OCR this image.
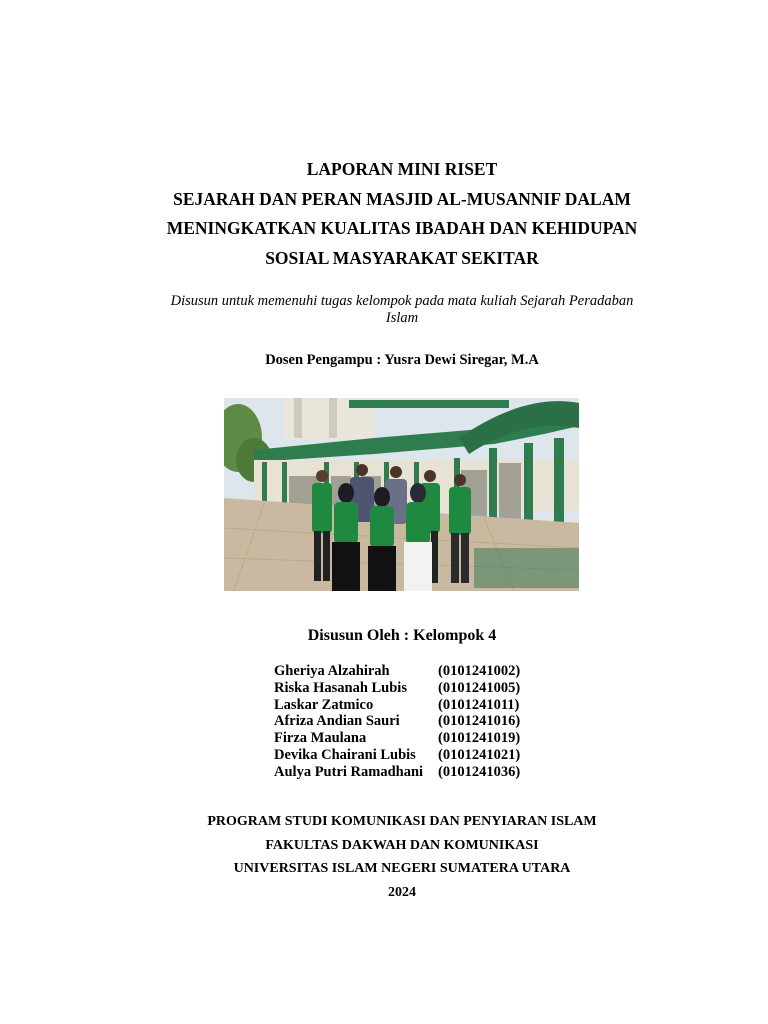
LAPORAN MINI RISET
SEJARAH DAN PERAN MASJID AL-MUSANNIF DALAM
MENINGKATKAN KUALITAS IBADAH DAN KEHIDUPAN
SOSIAL MASYARAKAT SEKITAR
Disusun untuk memenuhi tugas kelompok pada mata kuliah Sejarah Peradaban
Islam
Dosen Pengampu : Yusra Dewi Siregar, M.A
Disusun Oleh : Kelompok 4
Gheriya Alzahirah	(0101241002)
Riska Hasanah Lubis	(0101241005)
Laskar Zatmico	(0101241011)
Afriza Andian Sauri	(0101241016)
Firza Maulana	(0101241019)
Devika Chairani Lubis	(0101241021)
Aulya Putri Ramadhani	(0101241036)
PROGRAM STUDI KOMUNIKASI DAN PENYIARAN ISLAM
FAKULTAS DAKWAH DAN KOMUNIKASI
UNIVERSITAS ISLAM NEGERI SUMATERA UTARA
2024
